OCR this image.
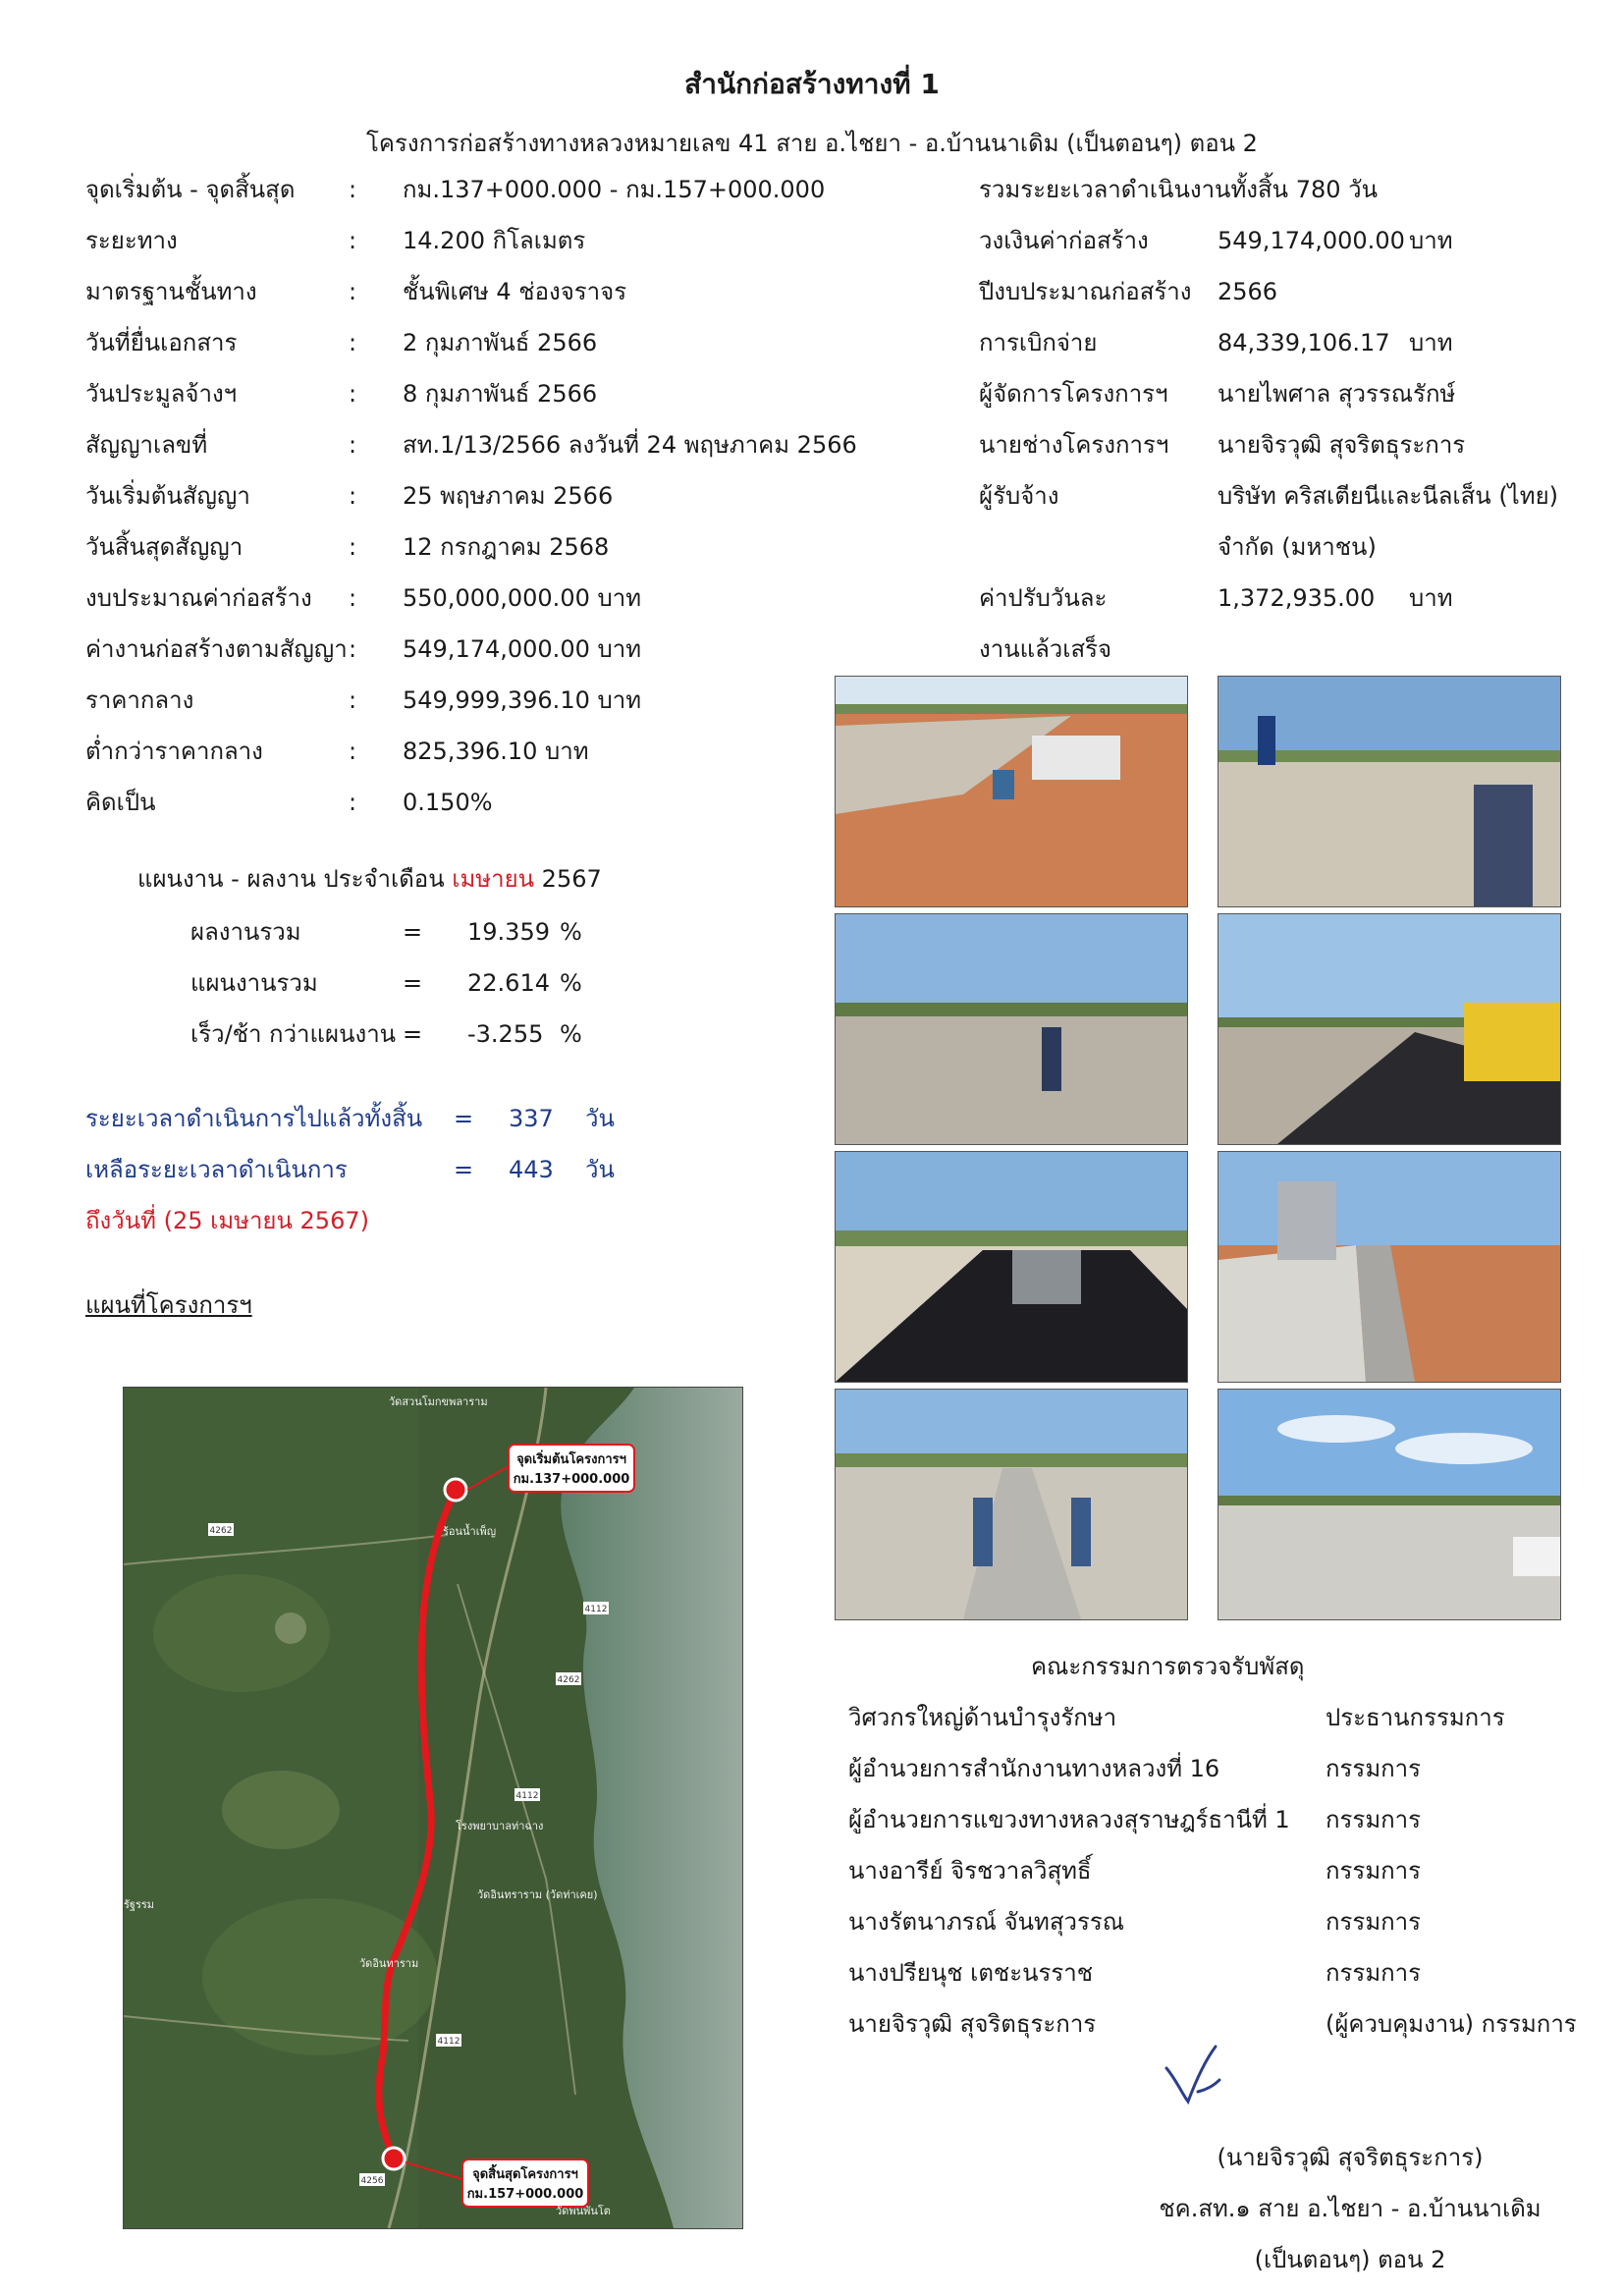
สำนักก่อสร้างทางที่ 1
โครงการก่อสร้างทางหลวงหมายเลข 41 สาย อ.ไชยา - อ.บ้านนาเดิม (เป็นตอนๆ) ตอน 2
จุดเริ่มต้น - จุดสิ้นสุด : กม.137+000.000 - กม.157+000.000
ระยะทาง	: 14.200 กิโลเมตร
มาตรฐานชั้นทาง	: ชั้นพิเศษ 4 ช่องจราจร
วันที่ยื่นเอกสาร	: 2 กุมภาพันธ์ 2566
วันประมูลจ้างฯ	: 8 กุมภาพันธ์ 2566
สัญญาเลขที่	: สท.1/13/2566 ลงวันที่ 24 พฤษภาคม 2566
วันเริ่มต้นสัญญา	: 25 พฤษภาคม 2566
วันสิ้นสุดสัญญา	: 12 กรกฎาคม 2568
งบประมาณค่าก่อสร้าง : 550,000,000.00 บาท
ค่างานก่อสร้างตามสัญญา : 549,174,000.00 บาท
ราคากลาง	: 549,999,396.10 บาท
ต่ำกว่าราคากลาง	: 825,396.10 บาท
คิดเป็น	: 0.150%
รวมระยะเวลาดำเนินงานทั้งสิ้น 780 วัน
วงเงินค่าก่อสร้าง	549,174,000.00 บาท
ปีงบประมาณก่อสร้าง 2566
การเบิกจ่าย	84,339,106.17 บาท
ผู้จัดการโครงการฯ นายไพศาล สุวรรณรักษ์
นายช่างโครงการฯ นายจิรวุฒิ สุจริตธุระการ
ผู้รับจ้าง	บริษัท คริสเตียนีและนีลเส็น (ไทย)
จำกัด (มหาชน)
ค่าปรับวันละ	1,372,935.00 บาท
งานแล้วเสร็จ
แผนงาน - ผลงาน ประจำเดือน เมษายน 2567
ผลงานรวม	= 19.359 %
แผนงานรวม	= 22.614 %
เร็ว/ช้า กว่าแผนงาน = -3.255 %
ระยะเวลาดำเนินการไปแล้วทั้งสิ้น = 337 วัน
เหลือระยะเวลาดำเนินการ	= 443 วัน
ถึงวันที่ (25 เมษายน 2567)
แผนที่โครงการฯ
จุดเริ่มต้นโครงการฯ
กม.137+000.000
จุดสิ้นสุดโครงการฯ
กม.157+000.000
วัดสวนโมกขพลาราม
ร้อนน้ำเพ็ญ
โรงพยาบาลท่าฉาง
วัดอินทราราม (วัดท่าเคย)
วัดอินทาราม
รัฐรรม
วัดพนพันโต
4262
4112
4262
4112
4112
4256
คณะกรรมการตรวจรับพัสดุ
วิศวกรใหญ่ด้านบำรุงรักษา	ประธานกรรมการ
ผู้อำนวยการสำนักงานทางหลวงที่ 16	กรรมการ
ผู้อำนวยการแขวงทางหลวงสุราษฎร์ธานีที่ 1 กรรมการ
นางอารีย์ จิรชวาลวิสุทธิ์	กรรมการ
นางรัตนาภรณ์ จันทสุวรรณ	กรรมการ
นางปรียนุช เตชะนรราช	กรรมการ
นายจิรวุฒิ สุจริตธุระการ	(ผู้ควบคุมงาน) กรรมการ
(นายจิรวุฒิ สุจริตธุระการ)
ชค.สท.๑ สาย อ.ไชยา - อ.บ้านนาเดิม
(เป็นตอนๆ) ตอน 2
